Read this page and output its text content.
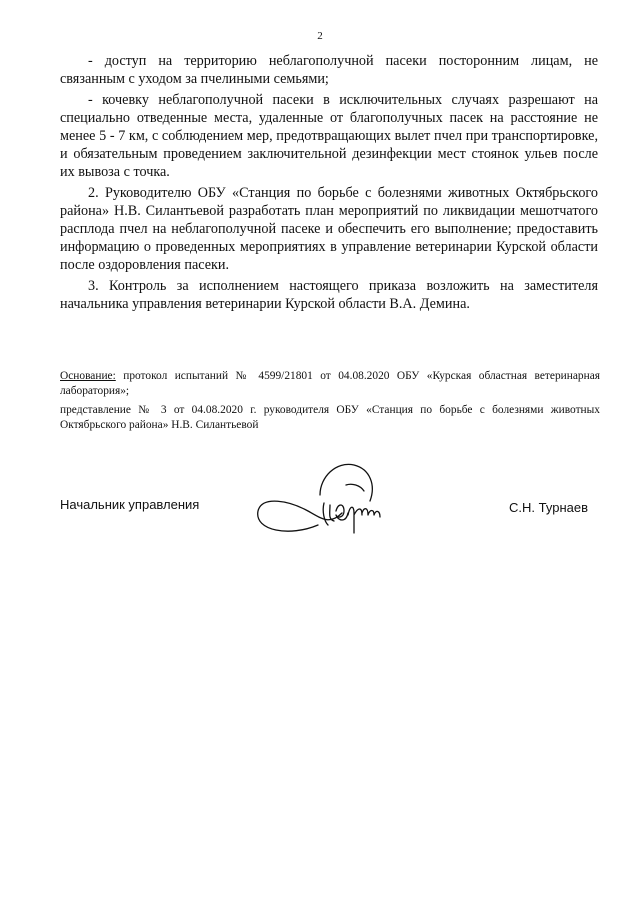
2

- доступ на территорию неблагополучной пасеки посторонним лицам, не связанным с уходом за пчелиными семьями;

- кочевку неблагополучной пасеки в исключительных случаях разрешают на специально отведенные места, удаленные от благополучных пасек на расстояние не менее 5 - 7 км, с соблюдением мер, предотвращающих вылет пчел при транспортировке, и обязательным проведением заключительной дезинфекции мест стоянок ульев после их вывоза с точка.

2. Руководителю ОБУ «Станция по борьбе с болезнями животных Октябрьского района» Н.В. Силантьевой разработать план мероприятий по ликвидации мешотчатого расплода пчел на неблагополучной пасеке и обеспечить его выполнение; предоставить информацию о проведенных мероприятиях в управление ветеринарии Курской области после оздоровления пасеки.

3. Контроль за исполнением настоящего приказа возложить на заместителя начальника управления ветеринарии Курской области В.А. Демина.

Основание: протокол испытаний № 4599/21801 от 04.08.2020 ОБУ «Курская областная ветеринарная лаборатория»;

представление № 3 от 04.08.2020 г. руководителя ОБУ «Станция по борьбе с болезнями животных Октябрьского района» Н.В. Силантьевой

Начальник управления	С.Н. Турнаев
